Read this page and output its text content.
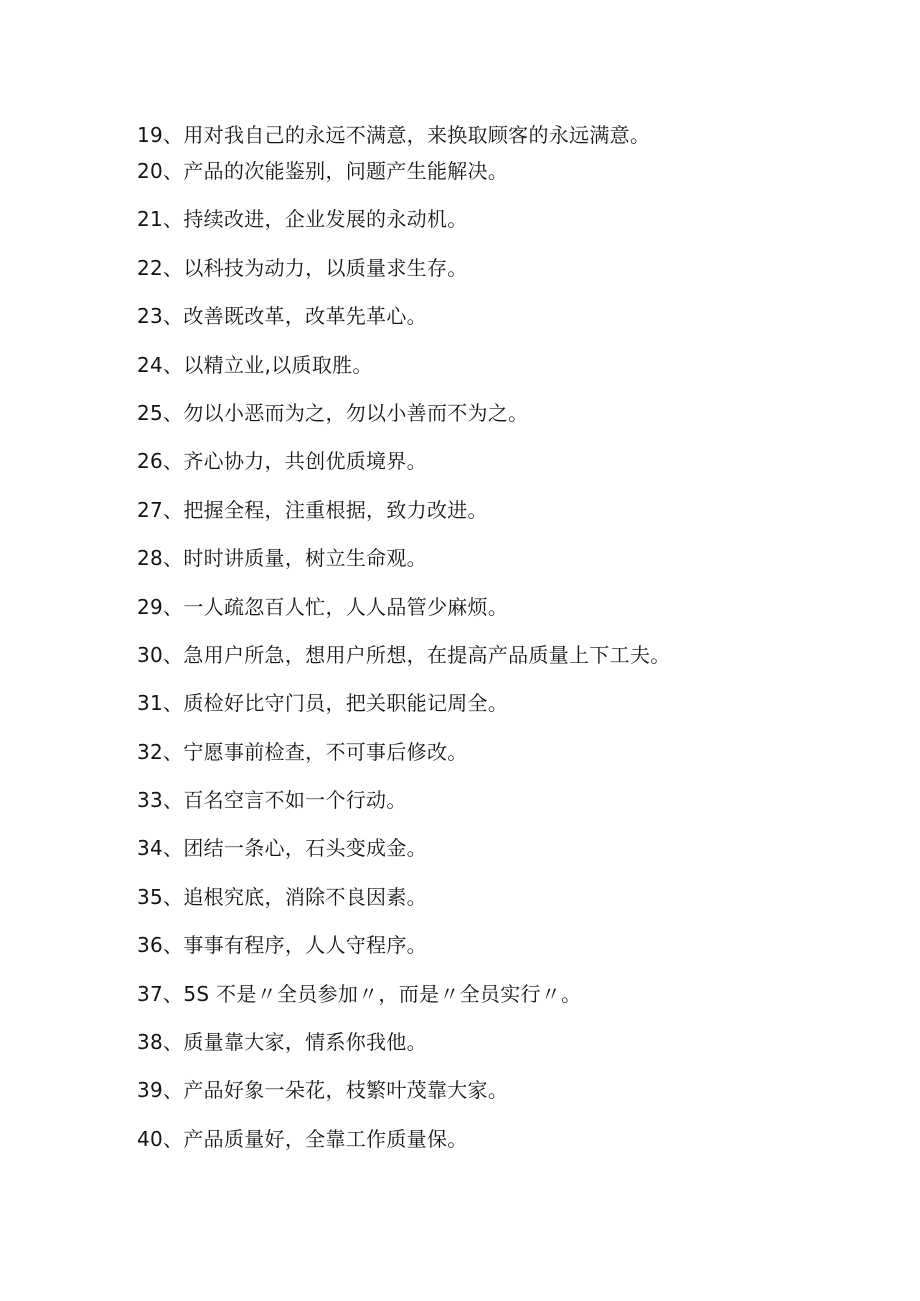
19、用对我自己的永远不满意，来换取顾客的永远满意。
20、产品的次能鉴别，问题产生能解决。
21、持续改进，企业发展的永动机。
22、以科技为动力，以质量求生存。
23、改善既改革，改革先革心。
24、以精立业,以质取胜。
25、勿以小恶而为之，勿以小善而不为之。
26、齐心协力，共创优质境界。
27、把握全程，注重根据，致力改进。
28、时时讲质量，树立生命观。
29、一人疏忽百人忙，人人品管少麻烦。
30、急用户所急，想用户所想，在提高产品质量上下工夫。
31、质检好比守门员，把关职能记周全。
32、宁愿事前检查，不可事后修改。
33、百名空言不如一个行动。
34、团结一条心，石头变成金。
35、追根究底，消除不良因素。
36、事事有程序，人人守程序。
37、5S 不是〃全员参加〃，而是〃全员实行〃。
38、质量靠大家，情系你我他。
39、产品好象一朵花，枝繁叶茂靠大家。
40、产品质量好，全靠工作质量保。
